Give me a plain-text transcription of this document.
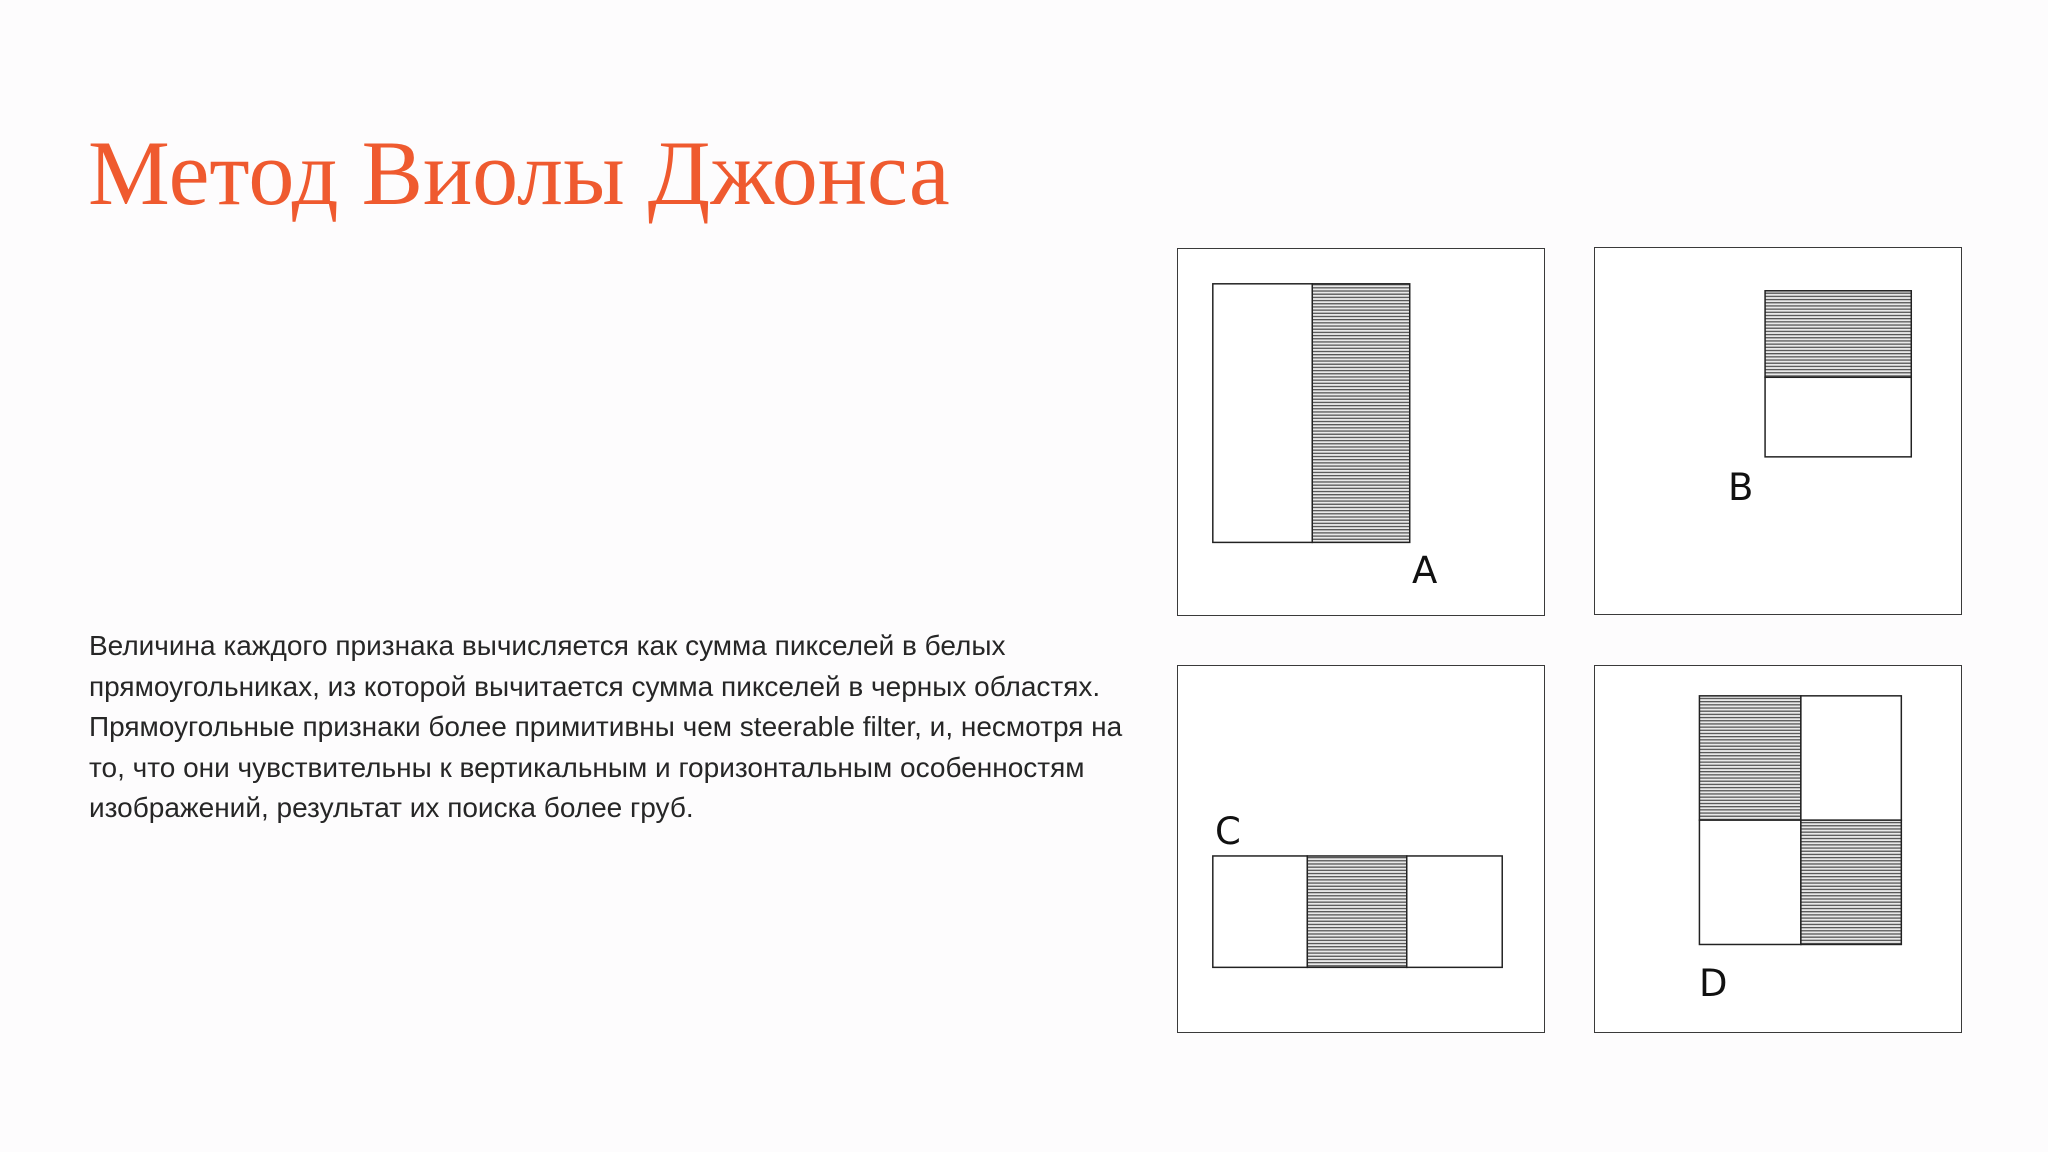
Метод Виолы Джонса

Величина каждого признака вычисляется как сумма пикселей в белых прямоугольниках, из которой вычитается сумма пикселей в черных областях. Прямоугольные признаки более примитивны чем steerable filter, и, несмотря на то, что они чувствительны к вертикальным и горизонтальным особенностям изображений, результат их поиска более груб.

A
B
C
D
